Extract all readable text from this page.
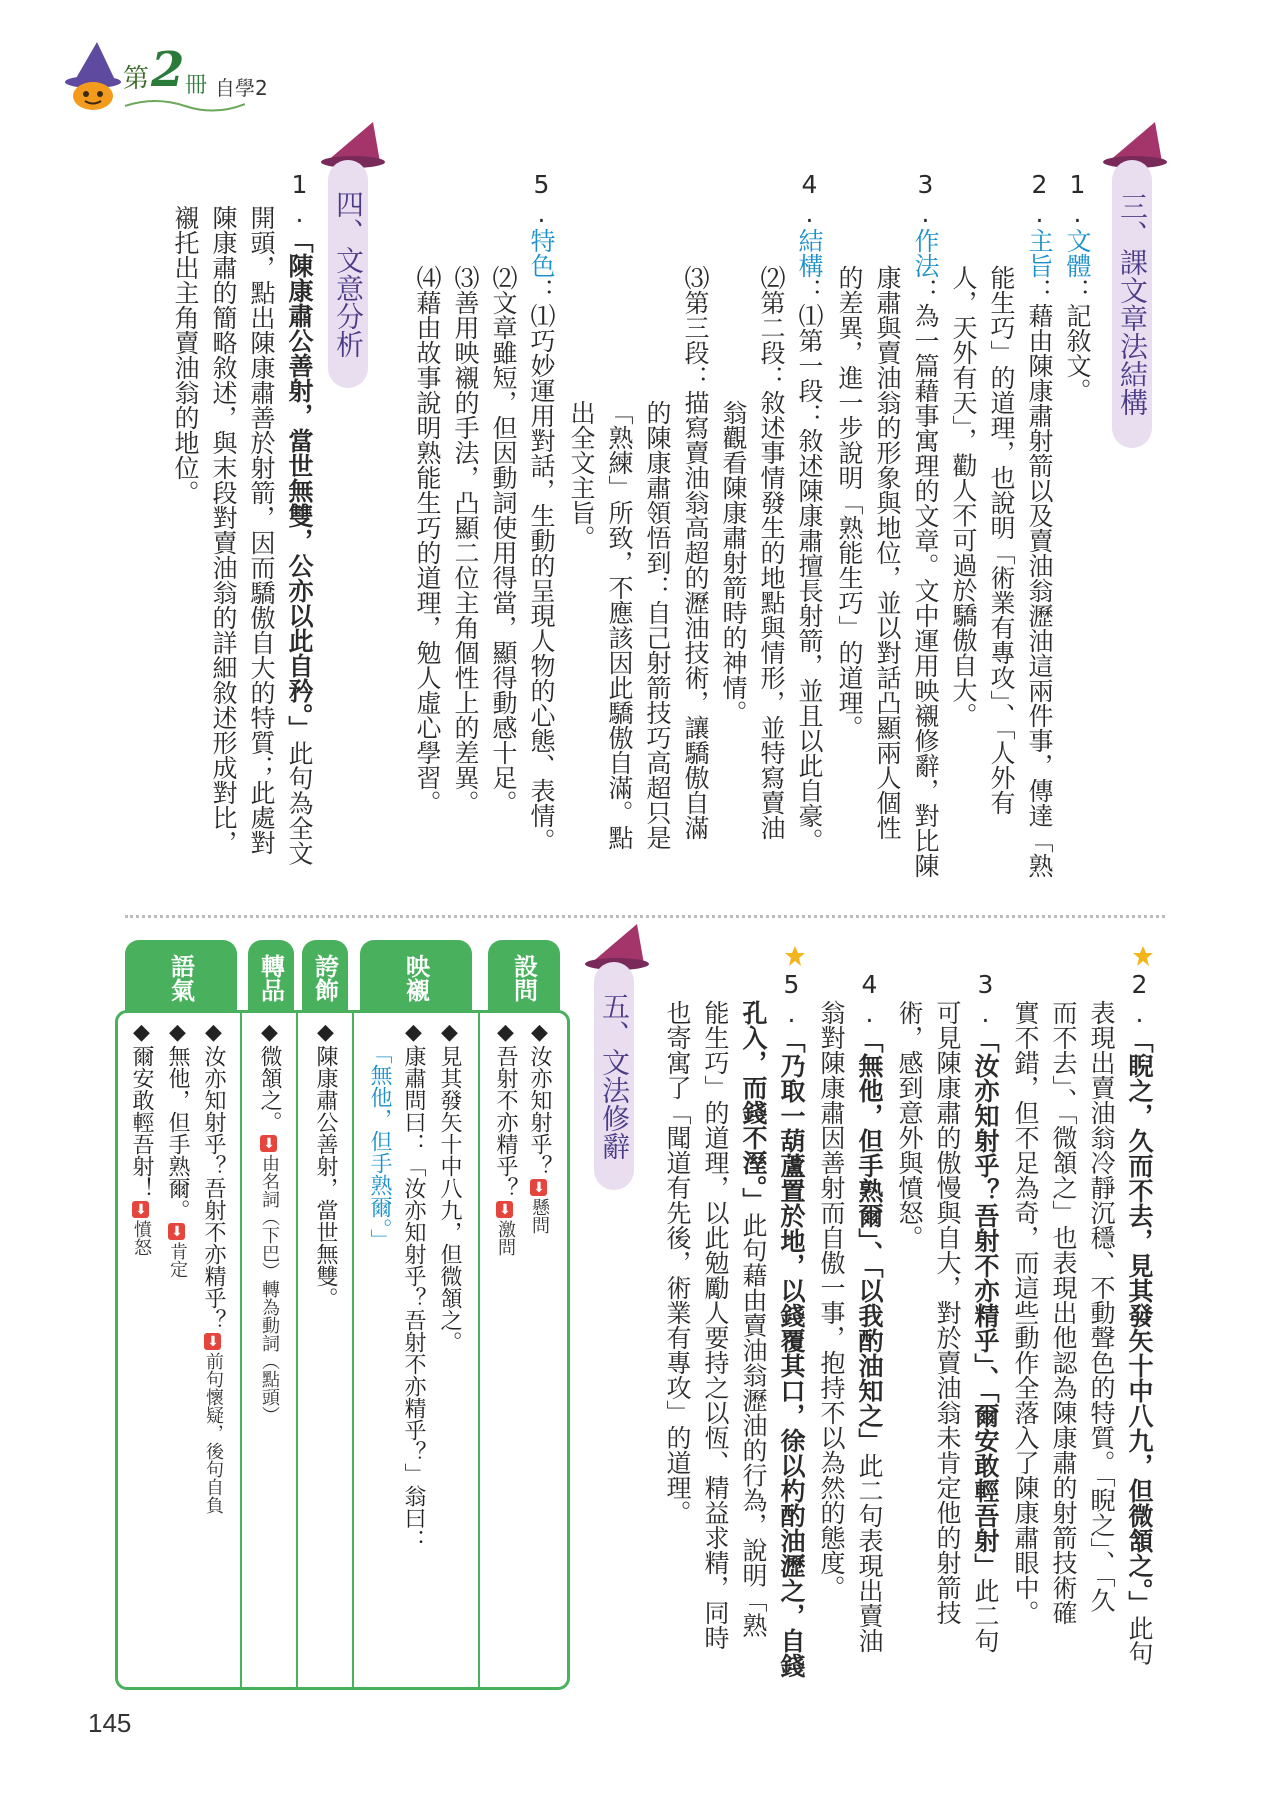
第 2 冊 自學2
三、課文章法結構
1.文體：記敘文。
2.主旨：藉由陳康肅射箭以及賣油翁瀝油這兩件事，傳達「熟
能生巧」的道理，也說明「術業有專攻」、「人外有
人，天外有天」，勸人不可過於驕傲自大。
3.作法：為一篇藉事寓理的文章。文中運用映襯修辭，對比陳
康肅與賣油翁的形象與地位，並以對話凸顯兩人個性
的差異，進一步說明「熟能生巧」的道理。
4.結構：⑴第一段：敘述陳康肅擅長射箭，並且以此自豪。
⑵第二段：敘述事情發生的地點與情形，並特寫賣油
翁觀看陳康肅射箭時的神情。
⑶第三段：描寫賣油翁高超的瀝油技術，讓驕傲自滿
的陳康肅領悟到：自己射箭技巧高超只是
「熟練」所致，不應該因此驕傲自滿。點
出全文主旨。
5.特色：⑴巧妙運用對話，生動的呈現人物的心態、表情。
⑵文章雖短，但因動詞使用得當，顯得動感十足。
⑶善用映襯的手法，凸顯二位主角個性上的差異。
⑷藉由故事說明熟能生巧的道理，勉人虛心學習。
四、文意分析
1.「陳康肅公善射，當世無雙，公亦以此自矜。」此句為全文
開頭，點出陳康肅善於射箭，因而驕傲自大的特質；此處對
陳康肅的簡略敘述，與末段對賣油翁的詳細敘述形成對比，
襯托出主角賣油翁的地位。
2.「睨之，久而不去，見其發矢十中八九，但微頷之。」此句
表現出賣油翁冷靜沉穩、不動聲色的特質。「睨之」、「久
而不去」、「微頷之」也表現出他認為陳康肅的射箭技術確
實不錯，但不足為奇，而這些動作全落入了陳康肅眼中。
3.「汝亦知射乎？吾射不亦精乎」、「爾安敢輕吾射」此二句
可見陳康肅的傲慢與自大，對於賣油翁未肯定他的射箭技
術，感到意外與憤怒。
4.「無他，但手熟爾」、「以我酌油知之」此二句表現出賣油
翁對陳康肅因善射而自傲一事，抱持不以為然的態度。
5.「乃取一葫蘆置於地，以錢覆其口，徐以杓酌油瀝之，自錢
孔入，而錢不溼。」此句藉由賣油翁瀝油的行為，說明「熟
能生巧」的道理，以此勉勵人要持之以恆、精益求精，同時
也寄寓了「聞道有先後，術業有專攻」的道理。
五、文法修辭
設問
映襯
誇飾
轉品
語氣
◆汝亦知射乎？⬇懸問
◆吾射不亦精乎？⬇激問
◆見其發矢十中八九，但微頷之。
◆康肅問曰：「汝亦知射乎？吾射不亦精乎？」翁曰：
「無他，但手熟爾。」
◆陳康肅公善射，當世無雙。
◆微頷之。⬇由名詞（下巴）轉為動詞（點頭）
◆汝亦知射乎？吾射不亦精乎？⬇前句懷疑，後句自負
◆無他，但手熟爾。⬇肯定
◆爾安敢輕吾射！⬇憤怒
145
